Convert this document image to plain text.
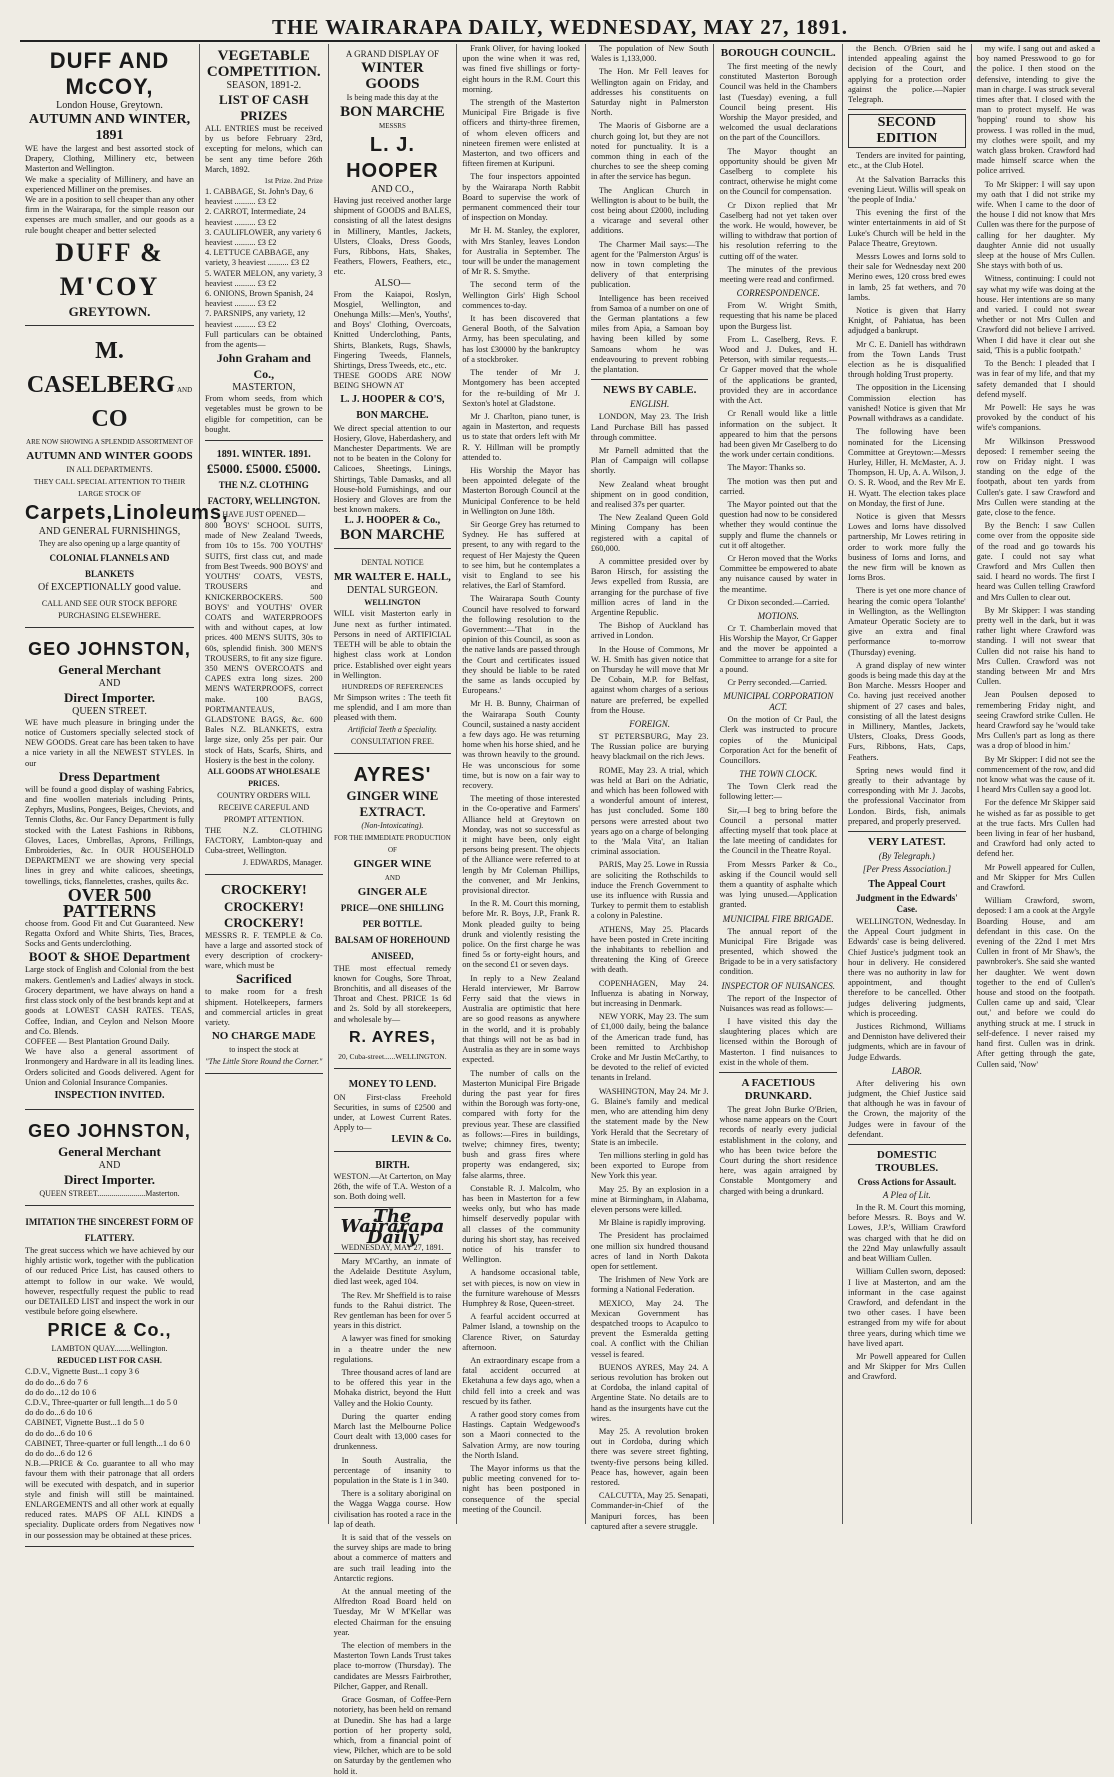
THE WAIRARAPA DAILY, WEDNESDAY, MAY 27, 1891.
DUFF AND McCOY,
London House, Greytown.
AUTUMN AND WINTER, 1891
WE have the largest and best assorted stock of Drapery, Clothing, Millinery etc, between Masterton and Wellington.
We make a speciality of Millinery, and have an experienced Milliner on the premises.
We are in a position to sell cheaper than any other firm in the Wairarapa, for the simple reason our expenses are much smaller, and our goods as a rule bought cheaper and better selected
DUFF & M'COY
GREYTOWN.
M. CASELBERG AND CO
ARE NOW SHOWING A SPLENDID ASSORTMENT OF
AUTUMN AND WINTER GOODS
IN ALL DEPARTMENTS.
THEY CALL SPECIAL ATTENTION TO THEIR LARGE STOCK OF
Carpets, Linoleums,
AND GENERAL FURNISHINGS,
They are also opening up a large quantity of
COLONIAL FLANNELS AND BLANKETS
Of EXCEPTIONALLY good value.
CALL AND SEE OUR STOCK BEFORE PURCHASING ELSEWHERE.
GEO JOHNSTON,
General Merchant
AND
Direct Importer.
QUEEN STREET.
WE have much pleasure in bringing under the notice of Customers specially selected stock of NEW GOODS. Great care has been taken to have a nice variety in all the NEWEST STYLES. In our
Dress Department
will be found a good display of washing Fabrics, and fine woollen materials including Prints, Zephyrs, Muslins, Pongees, Beiges, Cheviots, and Tennis Cloths, &c. Our Fancy Department is fully stocked with the Latest Fashions in Ribbons, Gloves, Laces, Umbrellas, Aprons, Frillings, Embroideries, &c. In OUR HOUSEHOLD DEPARTMENT we are showing very special lines in grey and white calicoes, sheetings, towellings, ticks, flannelettes, crashes, quilts &c.
OVER 500 PATTERNS
choose from. Good Fit and Cut Guaranteed. New Regatta Oxford and White Shirts, Ties, Braces, Socks and Gents underclothing.
BOOT & SHOE Department
Large stock of English and Colonial from the best makers. Gentlemen's and Ladies' always in stock. Grocery department, we have always on hand a first class stock only of the best brands kept and at goods at LOWEST CASH RATES. TEAS, Coffee, Indian, and Ceylon and Nelson Moore and Co. Blends.
COFFEE — Best Plantation Ground Daily.
We have also a general assortment of Ironmongery and Hardware in all its leading lines. Orders solicited and Goods delivered. Agent for Union and Colonial Insurance Companies.
INSPECTION INVITED.
GEO JOHNSTON,
General Merchant
AND
Direct Importer.
QUEEN STREET........................Masterton.
IMITATION THE SINCEREST FORM OF FLATTERY.
The great success which we have achieved by our highly artistic work, together with the publication of our reduced Price List, has caused others to attempt to follow in our wake. We would, however, respectfully request the public to read our DETAILED LIST and inspect the work in our vestibule before going elsewhere.
PRICE & Co.,
LAMBTON QUAY........Wellington.
REDUCED LIST FOR CASH.
C.D.V., Vignette Bust...1 copy 3 6
do do do...6 do 7 6
do do do...12 do 10 6
C.D.V., Three-quarter or full length...1 do 5 0
do do do...6 do 10 6
CABINET, Vignette Bust...1 do 5 0
do do do...6 do 10 6
CABINET, Three-quarter or full length...1 do 6 0
do do do...6 do 12 6
N.B.—PRICE & Co. guarantee to all who may favour them with their patronage that all orders will be executed with despatch, and in superior style and finish will still be maintained. ENLARGEMENTS and all other work at equally reduced rates. MAPS OF ALL KINDS a speciality. Duplicate orders from Negatives now in our possession may be obtained at these prices.
VEGETABLE COMPETITION.
SEASON, 1891-2.
LIST OF CASH PRIZES
ALL ENTRIES must be received by us before February 23rd, excepting for melons, which can be sent any time before 26th March, 1892.
1st Prize. 2nd Prize
1. CABBAGE, St. John's Day, 6 heaviest .......... £3 £2
2. CARROT, Intermediate, 24 heaviest .......... £3 £2
3. CAULIFLOWER, any variety 6 heaviest .......... £3 £2
4. LETTUCE CABBAGE, any variety, 3 heaviest .......... £3 £2
5. WATER MELON, any variety, 3 heaviest .......... £3 £2
6. ONIONS, Brown Spanish, 24 heaviest .......... £3 £2
7. PARSNIPS, any variety, 12 heaviest .......... £3 £2
Full particulars can be obtained from the agents—
John Graham and Co.,
MASTERTON,
From whom seeds, from which vegetables must be grown to be eligible for competition, can be bought.
1891. WINTER. 1891.
£5000. £5000. £5000.
THE N.Z. CLOTHING FACTORY, WELLINGTON.
HAVE JUST OPENED—
800 BOYS' SCHOOL SUITS, made of New Zealand Tweeds, from 10s to 15s. 700 YOUTHS' SUITS, first class cut, and made from Best Tweeds. 900 BOYS' and YOUTHS' COATS, VESTS, TROUSERS and KNICKERBOCKERS. 500 BOYS' and YOUTHS' OVER COATS and WATERPROOFS with and without capes, at low prices. 400 MEN'S SUITS, 30s to 60s, splendid finish. 300 MEN'S TROUSERS, to fit any size figure. 350 MEN'S OVERCOATS and CAPES extra long sizes. 200 MEN'S WATERPROOFS, correct make. 100 BAGS, PORTMANTEAUS, GLADSTONE BAGS, &c. 600 Bales N.Z. BLANKETS, extra large size, only 25s per pair. Our stock of Hats, Scarfs, Shirts, and Hosiery is the best in the colony.
ALL GOODS AT WHOLESALE PRICES.
COUNTRY ORDERS WILL RECEIVE CAREFUL AND PROMPT ATTENTION.
THE N.Z. CLOTHING FACTORY, Lambton-quay and Cuba-street, Wellington.
J. EDWARDS, Manager.
CROCKERY!
CROCKERY! CROCKERY!
MESSRS R. F. TEMPLE & Co. have a large and assorted stock of every description of crockery-ware, which must be
Sacrificed
to make room for a fresh shipment. Hotelkeepers, farmers and commercial articles in great variety.
NO CHARGE MADE
to inspect the stock at
"The Little Store Round the Corner."
A GRAND DISPLAY OF
WINTER GOODS
Is being made this day at the
BON MARCHE
MESSRS
L. J. HOOPER
AND CO.,
Having just received another large shipment of GOODS and BALES, consisting of all the latest designs in Millinery, Mantles, Jackets, Ulsters, Cloaks, Dress Goods, Furs, Ribbons, Hats, Shakes, Feathers, Flowers, Feathers, etc., etc.
ALSO—
From the Kaiapoi, Roslyn, Mosgiel, Wellington, and Onehunga Mills:—Men's, Youths', and Boys' Clothing, Overcoats, Knitted Underclothing, Pants, Shirts, Blankets, Rugs, Shawls, Fingering Tweeds, Flannels, Shirtings, Dress Tweeds, etc., etc.
THESE GOODS ARE NOW BEING SHOWN AT
L. J. HOOPER & CO'S, BON MARCHE.
We direct special attention to our Hosiery, Glove, Haberdashery, and Manchester Departments. We are not to be beaten in the Colony for Calicoes, Sheetings, Linings, Shirtings, Table Damasks, and all House-hold Furnishings, and our Hosiery and Gloves are from the best known makers.
L. J. HOOPER & Co.,
BON MARCHE
DENTAL NOTICE
MR WALTER E. HALL,
DENTAL SURGEON.
WELLINGTON
WILL visit Masterton early in June next as further intimated. Persons in need of ARTIFICIAL TEETH will be able to obtain the highest class work at London price. Established over eight years in Wellington.
HUNDREDS OF REFERENCES
Mr Simpson writes : The teeth fit me splendid, and I am more than pleased with them.
Artificial Teeth a Speciality.
CONSULTATION FREE.
AYRES'
GINGER WINE EXTRACT.
(Non-Intoxicating).
FOR THE IMMEDIATE PRODUCTION OF
GINGER WINE
AND
GINGER ALE
PRICE—ONE SHILLING PER BOTTLE.
BALSAM OF HOREHOUND ANISEED,
THE most effectual remedy known for Coughs, Sore Throat, Bronchitis, and all diseases of the Throat and Chest. PRICE 1s 6d and 2s. Sold by all storekeepers, and wholesale by—
R. AYRES,
20, Cuba-street......WELLINGTON.
MONEY TO LEND.
ON First-class Freehold Securities, in sums of £2500 and under, at Lowest Current Rates. Apply to—
LEVIN & Co.
BIRTH.
WESTON.—At Carterton, on May 26th, the wife of T.A. Weston of a son. Both doing well.
The Wairarapa Daily
WEDNESDAY, MAY 27, 1891.

Mary M'Carthy, an inmate of the Adelaide Destitute Asylum, died last week, aged 104.

The Rev. Mr Sheffield is to raise funds to the Rahui district. The Rev gentleman has been for over 5 years in this district.

A lawyer was fined for smoking in a theatre under the new regulations.

Three thousand acres of land are to be offered this year in the Mohaka district, beyond the Hutt Valley and the Hokio County.

During the quarter ending March last the Melbourne Police Court dealt with 13,000 cases for drunkenness.

In South Australia, the percentage of insanity to population in the State is 1 in 340.

There is a solitary aboriginal on the Wagga Wagga course. How civilisation has rooted a race in the lap of death.

It is said that of the vessels on the survey ships are made to bring about a commerce of matters and are such trail leading into the Antarctic regions.

At the annual meeting of the Alfredton Road Board held on Tuesday, Mr W M'Kellar was elected Chairman for the ensuing year.

The election of members in the Masterton Town Lands Trust takes place to-morrow (Thursday). The candidates are Messrs Fairbrother, Pilcher, Gapper, and Renall.

Grace Gosman, of Coffee-Pern notoriety, has been held on remand at Dunedin. She has had a large portion of her property sold, which, from a financial point of view, Pilcher, which are to be sold on Saturday by the gentlemen who hold it.

Frank Oliver, for having looked upon the wine when it was red, was fined five shillings or forty-eight hours in the R.M. Court this morning.

The strength of the Masterton Municipal Fire Brigade is five officers and thirty-three firemen, of whom eleven officers and nineteen firemen were enlisted at Masterton, and two officers and fifteen firemen at Kuripuni.

The four inspectors appointed by the Wairarapa North Rabbit Board to supervise the work of permanent commenced their tour of inspection on Monday.

Mr H. M. Stanley, the explorer, with Mrs Stanley, leaves London for Australia in September. The tour will be under the management of Mr R. S. Smythe.

The second term of the Wellington Girls' High School commences to-day.

It has been discovered that General Booth, of the Salvation Army, has been speculating, and has lost £30000 by the bankruptcy of a stockbroker.

The tender of Mr J. Montgomery has been accepted for the re-building of Mr J. Sexton's hotel at Gladstone.

Mr J. Charlton, piano tuner, is again in Masterton, and requests us to state that orders left with Mr R. Y. Hillman will be promptly attended to.

His Worship the Mayor has been appointed delegate of the Masterton Borough Council at the Municipal Conference to be held in Wellington on June 18th.

Sir George Grey has returned to Sydney. He has suffered at present, to any with regard to the request of Her Majesty the Queen to see him, but he contemplates a visit to England to see his relatives, the Earl of Stamford.

The Wairarapa South County Council have resolved to forward the following resolution to the Government:—'That in the opinion of this Council, as soon as the native lands are passed through the Court and certificates issued they should be liable to be rated the same as lands occupied by Europeans.'

Mr H. B. Bunny, Chairman of the Wairarapa South County Council, sustained a nasty accident a few days ago. He was returning home when his horse shied, and he was thrown heavily to the ground. He was unconscious for some time, but is now on a fair way to recovery.

The meeting of those interested in the Co-operative and Farmers' Alliance held at Greytown on Monday, was not so successful as it might have been, only eight persons being present. The objects of the Alliance were referred to at length by Mr Coleman Phillips, the convener, and Mr Jenkins, provisional director.

In the R. M. Court this morning, before Mr. R. Boys, J.P., Frank R. Monk pleaded guilty to being drunk and violently resisting the police. On the first charge he was fined 5s or forty-eight hours, and on the second £1 or seven days.

In reply to a New Zealand Herald interviewer, Mr Barrow Ferry said that the views in Australia are optimistic that here are so good reasons as anywhere in the world, and it is probably that things will not be as bad in Australia as they are in some ways expected.

The number of calls on the Masterton Municipal Fire Brigade during the past year for fires within the Borough was forty-one, compared with forty for the previous year. These are classified as follows:—Fires in buildings, twelve; chimney fires, twenty; bush and grass fires where property was endangered, six; false alarms, three.

Constable R. J. Malcolm, who has been in Masterton for a few weeks only, but who has made himself deservedly popular with all classes of the community during his short stay, has received notice of his transfer to Wellington.

A handsome occasional table, set with pieces, is now on view in the furniture warehouse of Messrs Humphrey & Rose, Queen-street.

A fearful accident occurred at Palmer Island, a township on the Clarence River, on Saturday afternoon.

An extraordinary escape from a fatal accident occurred at Eketahuna a few days ago, when a child fell into a creek and was rescued by its father.

A rather good story comes from Hastings. Captain Wedgewood's son a Maori connected to the Salvation Army, are now touring the North Island.

The Mayor informs us that the public meeting convened for to-night has been postponed in consequence of the special meeting of the Council.

The population of New South Wales is 1,133,000.

The Hon. Mr Fell leaves for Wellington again on Friday, and addresses his constituents on Saturday night in Palmerston North.

The Maoris of Gisborne are a church going lot, but they are not noted for punctuality. It is a common thing in each of the churches to see the sheep coming in after the service has begun.

The Anglican Church in Wellington is about to be built, the cost being about £2000, including a vicarage and several other additions.

The Charmer Mail says:—The agent for the 'Palmerston Argus' is now in town completing the delivery of that enterprising publication.

Intelligence has been received from Samoa of a number on one of the German plantations a few miles from Apia, a Samoan boy having been killed by some Samoans whom he was endeavouring to prevent robbing the plantation.

NEWS BY CABLE.
ENGLISH.

LONDON, May 23. The Irish Land Purchase Bill has passed through committee.

Mr Parnell admitted that the Plan of Campaign will collapse shortly.

New Zealand wheat brought shipment on in good condition, and realised 37s per quarter.

The New Zealand Queen Gold Mining Company has been registered with a capital of £60,000.

A committee presided over by Baron Hirsch, for assisting the Jews expelled from Russia, are arranging for the purchase of five million acres of land in the Argentine Republic.

The Bishop of Auckland has arrived in London.

In the House of Commons, Mr W. H. Smith has given notice that on Thursday he will move that Mr De Cobain, M.P. for Belfast, against whom charges of a serious nature are preferred, be expelled from the House.

FOREIGN.

ST PETERSBURG, May 23. The Russian police are burying heavy blackmail on the rich Jews.

ROME, May 23. A trial, which was held at Bari on the Adriatic, and which has been followed with a wonderful amount of interest, has just concluded. Some 180 persons were arrested about two years ago on a charge of belonging to the 'Mala Vita', an Italian criminal association.

PARIS, May 25. Lowe in Russia are soliciting the Rothschilds to induce the French Government to use its influence with Russia and Turkey to permit them to establish a colony in Palestine.

ATHENS, May 25. Placards have been posted in Crete inciting the inhabitants to rebellion and threatening the King of Greece with death.

COPENHAGEN, May 24. Influenza is abating in Norway, but increasing in Denmark.

NEW YORK, May 23. The sum of £1,000 daily, being the balance of the American trade fund, has been remitted to Archbishop Croke and Mr Justin McCarthy, to be devoted to the relief of evicted tenants in Ireland.

WASHINGTON, May 24. Mr J. G. Blaine's family and medical men, who are attending him deny the statement made by the New York Herald that the Secretary of State is an imbecile.

Ten millions sterling in gold has been exported to Europe from New York this year.

May 25. By an explosion in a mine at Birmingham, in Alabama, eleven persons were killed.

Mr Blaine is rapidly improving.

The President has proclaimed one million six hundred thousand acres of land in North Dakota open for settlement.

The Irishmen of New York are forming a National Federation.

MEXICO, May 24. The Mexican Government has despatched troops to Acapulco to prevent the Esmeralda getting coal. A conflict with the Chilian vessel is feared.

BUENOS AYRES, May 24. A serious revolution has broken out at Cordoba, the inland capital of Argentine State. No details are to hand as the insurgents have cut the wires.

May 25. A revolution broken out in Cordoba, during which there was severe street fighting, twenty-five persons being killed. Peace has, however, again been restored.

CALCUTTA, May 25. Senapati, Commander-in-Chief of the Manipuri forces, has been captured after a severe struggle.

BOROUGH COUNCIL.

The first meeting of the newly constituted Masterton Borough Council was held in the Chambers last (Tuesday) evening, a full Council being present. His Worship the Mayor presided, and welcomed the usual declarations on the part of the Councillors.

The Mayor thought an opportunity should be given Mr Caselberg to complete his contract, otherwise he might come on the Council for compensation.

Cr Dixon replied that Mr Caselberg had not yet taken over the work. He would, however, be willing to withdraw that portion of his resolution referring to the cutting off of the water.

The minutes of the previous meeting were read and confirmed.

CORRESPONDENCE.

From W. Wright Smith, requesting that his name be placed upon the Burgess list.

From L. Caselberg, Revs. F. Wood and J. Dukes, and H. Peterson, with similar requests.—Cr Gapper moved that the whole of the applications be granted, provided they are in accordance with the Act.

Cr Renall would like a little information on the subject. It appeared to him that the persons had been given Mr Caselberg to do the work under certain conditions.

The Mayor: Thanks so.

The motion was then put and carried.

The Mayor pointed out that the question had now to be considered whether they would continue the supply and flume the channels or cut it off altogether.

Cr Heron moved that the Works Committee be empowered to abate any nuisance caused by water in the meantime.

Cr Dixon seconded.—Carried.

MOTIONS.

Cr T. Chamberlain moved that His Worship the Mayor, Cr Gapper and the mover be appointed a Committee to arrange for a site for a pound.

Cr Perry seconded.—Carried.

MUNICIPAL CORPORATION ACT.

On the motion of Cr Paul, the Clerk was instructed to procure copies of the Municipal Corporation Act for the benefit of Councillors.

THE TOWN CLOCK.

The Town Clerk read the following letter:—

Sir,—I beg to bring before the Council a personal matter affecting myself that took place at the late meeting of candidates for the Council in the Theatre Royal.

From Messrs Parker & Co., asking if the Council would sell them a quantity of asphalte which was lying unused.—Application granted.

MUNICIPAL FIRE BRIGADE.

The annual report of the Municipal Fire Brigade was presented, which showed the Brigade to be in a very satisfactory condition.

INSPECTOR OF NUISANCES.

The report of the Inspector of Nuisances was read as follows:—

I have visited this day the slaughtering places which are licensed within the Borough of Masterton. I find nuisances to exist in the whole of them.

A FACETIOUS DRUNKARD.

The great John Burke O'Brien, whose name appears on the Court records of nearly every judicial establishment in the colony, and who has been twice before the Court during the short residence here, was again arraigned by Constable Montgomery and charged with being a drunkard.

the Bench. O'Brien said he intended appealing against the decision of the Court, and applying for a protection order against the police.—Napier Telegraph.

SECOND EDITION

Tenders are invited for painting, etc., at the Club Hotel.

At the Salvation Barracks this evening Lieut. Willis will speak on 'the people of India.'

This evening the first of the winter entertainments in aid of St Luke's Church will be held in the Palace Theatre, Greytown.

Messrs Lowes and Iorns sold to their sale for Wednesday next 200 Merino ewes, 120 cross bred ewes in lamb, 25 fat wethers, and 70 lambs.

Notice is given that Harry Knight, of Pahiatua, has been adjudged a bankrupt.

Mr C. E. Daniell has withdrawn from the Town Lands Trust election as he is disqualified through holding Trust property.

The opposition in the Licensing Commission election has vanished! Notice is given that Mr Pownall withdraws as a candidate.

The following have been nominated for the Licensing Committee at Greytown:—Messrs Hurley, Hiller, H. McMaster, A. J. Thompson, H. Up, A. A. Wilson, J. O. S. R. Wood, and the Rev Mr E. H. Wyatt. The election takes place on Monday, the first of June.

Notice is given that Messrs Lowes and Iorns have dissolved partnership, Mr Lowes retiring in order to work more fully the business of Iorns and Iorns, and the new firm will be known as Iorns Bros.

There is yet one more chance of hearing the comic opera 'Iolanthe' in Wellington, as the Wellington Amateur Operatic Society are to give an extra and final performance to-morrow (Thursday) evening.

A grand display of new winter goods is being made this day at the Bon Marche. Messrs Hooper and Co. having just received another shipment of 27 cases and bales, consisting of all the latest designs in Millinery, Mantles, Jackets, Ulsters, Cloaks, Dress Goods, Furs, Ribbons, Hats, Caps, Feathers.

Spring news would find it greatly to their advantage by corresponding with Mr J. Jacobs, the professional Vaccinator from London. Birds, fish, animals prepared, and properly preserved.

VERY LATEST.
(By Telegraph.)
[Per Press Association.]
The Appeal Court
Judgment in the Edwards' Case.

WELLINGTON, Wednesday. In the Appeal Court judgment in Edwards' case is being delivered. Chief Justice's judgment took an hour in delivery. He considered there was no authority in law for appointment, and thought therefore to be cancelled. Other judges delivering judgments, which is proceeding.

Justices Richmond, Williams and Denniston have delivered their judgments, which are in favour of Judge Edwards.

LABOR.

After delivering his own judgment, the Chief Justice said that although he was in favour of the Crown, the majority of the Judges were in favour of the defendant.

DOMESTIC TROUBLES.
Cross Actions for Assault.
A Plea of Lit.

In the R. M. Court this morning, before Messrs. R. Boys and W. Lowes, J.P.'s, William Crawford was charged with that he did on the 22nd May unlawfully assault and beat William Cullen.

William Cullen sworn, deposed: I live at Masterton, and am the informant in the case against Crawford, and defendant in the two other cases. I have been estranged from my wife for about three years, during which time we have lived apart.

Mr Powell appeared for Cullen and Mr Skipper for Mrs Cullen and Crawford.

my wife. I sang out and asked a boy named Presswood to go for the police. I then stood on the defensive, intending to give the man in charge. I was struck several times after that. I closed with the man to protect myself. He was 'hopping' round to show his prowess. I was rolled in the mud, my clothes were spoilt, and my watch glass broken. Crawford had made himself scarce when the police arrived.

To Mr Skipper: I will say upon my oath that I did not strike my wife. When I came to the door of the house I did not know that Mrs Cullen was there for the purpose of calling for her daughter. My daughter Annie did not usually sleep at the house of Mrs Cullen. She stays with both of us.

Witness, continuing: I could not say what my wife was doing at the house. Her intentions are so many and varied. I could not swear whether or not Mrs Cullen and Crawford did not believe I arrived. When I did have it clear out she said, 'This is a public footpath.'

To the Bench: I pleaded that I was in fear of my life, and that my safety demanded that I should defend myself.

Mr Powell: He says he was provoked by the conduct of his wife's companions.

Mr Wilkinson Presswood deposed: I remember seeing the row on Friday night. I was standing on the edge of the footpath, about ten yards from Cullen's gate. I saw Crawford and Mrs Cullen were standing at the gate, close to the fence.

By the Bench: I saw Cullen come over from the opposite side of the road and go towards his gate. I could not say what Crawford and Mrs Cullen then said. I heard no words. The first I heard was Cullen telling Crawford and Mrs Cullen to clear out.

By Mr Skipper: I was standing pretty well in the dark, but it was rather light where Crawford was standing. I will not swear that Cullen did not raise his hand to Mrs Cullen. Crawford was not standing between Mr and Mrs Cullen.

Jean Poulsen deposed to remembering Friday night, and seeing Crawford strike Cullen. He heard Crawford say he 'would take Mrs Cullen's part as long as there was a drop of blood in him.'

By Mr Skipper: I did not see the commencement of the row, and did not know what was the cause of it. I heard Mrs Cullen say a good lot.

For the defence Mr Skipper said he wished as far as possible to get at the true facts. Mrs Cullen had been living in fear of her husband, and Crawford had only acted to defend her.

Mr Powell appeared for Cullen, and Mr Skipper for Mrs Cullen and Crawford.

William Crawford, sworn, deposed: I am a cook at the Argyle Boarding House, and am defendant in this case. On the evening of the 22nd I met Mrs Cullen in front of Mr Shaw's, the pawnbroker's. She said she wanted her daughter. We went down together to the end of Cullen's house and stood on the footpath. Cullen came up and said, 'Clear out,' and before we could do anything struck at me. I struck in self-defence. I never raised my hand first. Cullen was in drink. After getting through the gate, Cullen said, 'Now'
